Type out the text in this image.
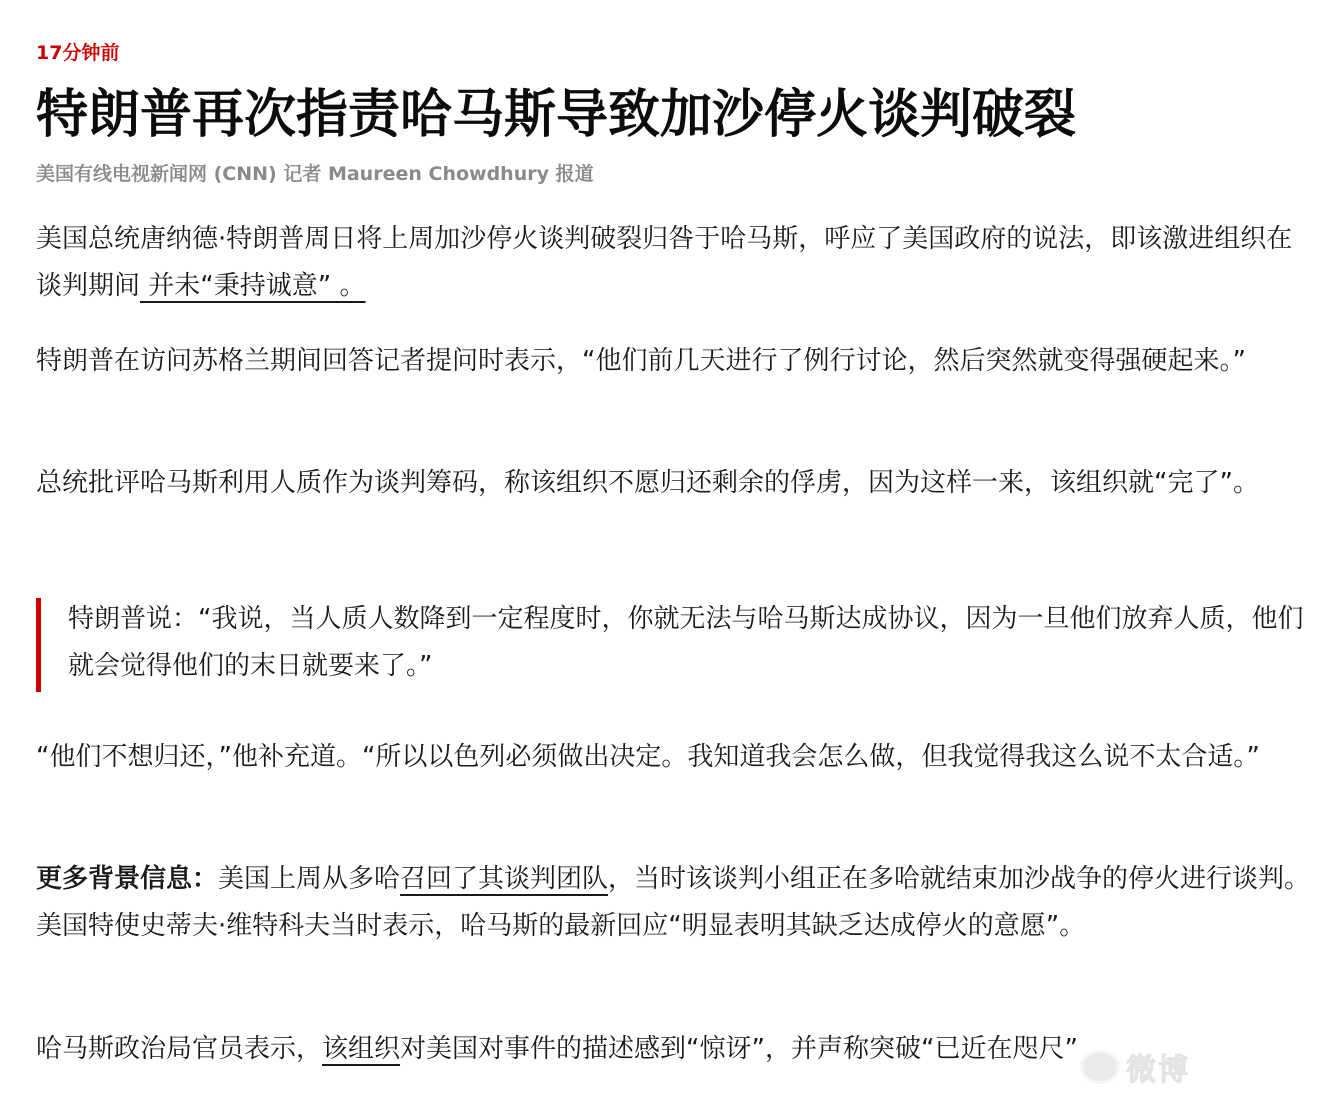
17分钟前
特朗普再次指责哈马斯导致加沙停火谈判破裂
美国有线电视新闻网 (CNN) 记者 Maureen Chowdhury 报道

美国总统唐纳德·特朗普周日将上周加沙停火谈判破裂归咎于哈马斯，呼应了美国政府的说法，即该激进组织在谈判期间 并未“秉持诚意” 。

特朗普在访问苏格兰期间回答记者提问时表示，“他们前几天进行了例行讨论，然后突然就变得强硬起来。”

总统批评哈马斯利用人质作为谈判筹码，称该组织不愿归还剩余的俘虏，因为这样一来，该组织就“完了”。

特朗普说：“我说，当人质人数降到一定程度时，你就无法与哈马斯达成协议，因为一旦他们放弃人质，他们就会觉得他们的末日就要来了。”

“他们不想归还，”他补充道。“所以以色列必须做出决定。我知道我会怎么做，但我觉得我这么说不太合适。”

更多背景信息：美国上周从多哈召回了其谈判团队，当时该谈判小组正在多哈就结束加沙战争的停火进行谈判。美国特使史蒂夫·维特科夫当时表示，哈马斯的最新回应“明显表明其缺乏达成停火的意愿”。

哈马斯政治局官员表示，该组织对美国对事件的描述感到“惊讶”，并声称突破“已近在咫尺”

微博
